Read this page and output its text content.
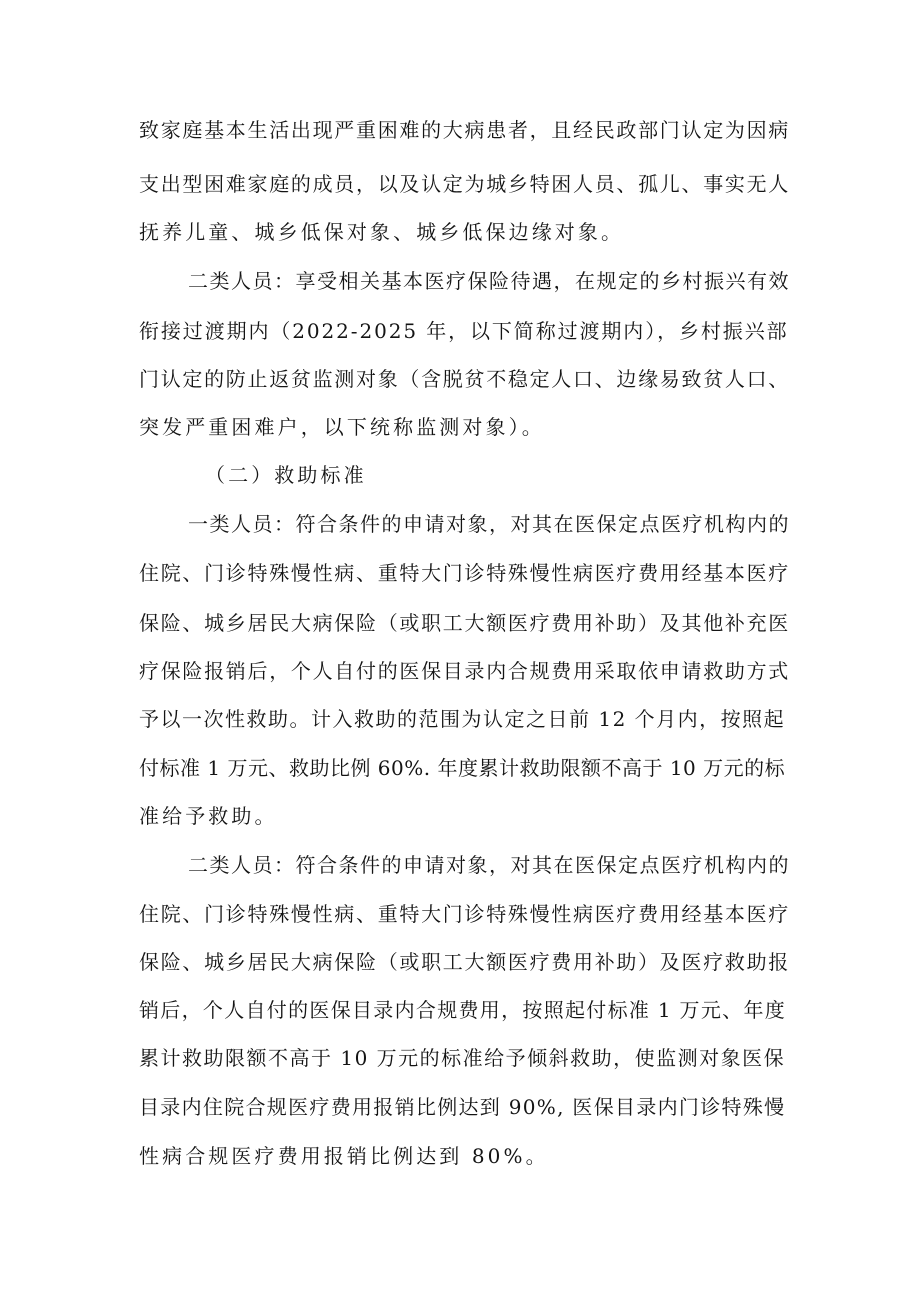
致家庭基本生活出现严重困难的大病患者，且经民政部门认定为因病
支出型困难家庭的成员，以及认定为城乡特困人员、孤儿、事实无人
抚养儿童、城乡低保对象、城乡低保边缘对象。
二类人员：享受相关基本医疗保险待遇，在规定的乡村振兴有效
衔接过渡期内（2022-2025 年，以下简称过渡期内），乡村振兴部
门认定的防止返贫监测对象（含脱贫不稳定人口、边缘易致贫人口、
突发严重困难户，以下统称监测对象）。
（二）救助标准
一类人员：符合条件的申请对象，对其在医保定点医疗机构内的
住院、门诊特殊慢性病、重特大门诊特殊慢性病医疗费用经基本医疗
保险、城乡居民大病保险（或职工大额医疗费用补助）及其他补充医
疗保险报销后，个人自付的医保目录内合规费用采取依申请救助方式
予以一次性救助。计入救助的范围为认定之日前 12 个月内，按照起
付标准 1 万元、救助比例 60%. 年度累计救助限额不高于 10 万元的标
准给予救助。
二类人员：符合条件的申请对象，对其在医保定点医疗机构内的
住院、门诊特殊慢性病、重特大门诊特殊慢性病医疗费用经基本医疗
保险、城乡居民大病保险（或职工大额医疗费用补助）及医疗救助报
销后，个人自付的医保目录内合规费用，按照起付标准 1 万元、年度
累计救助限额不高于 10 万元的标准给予倾斜救助，使监测对象医保
目录内住院合规医疗费用报销比例达到 90%, 医保目录内门诊特殊慢
性病合规医疗费用报销比例达到 80%。
